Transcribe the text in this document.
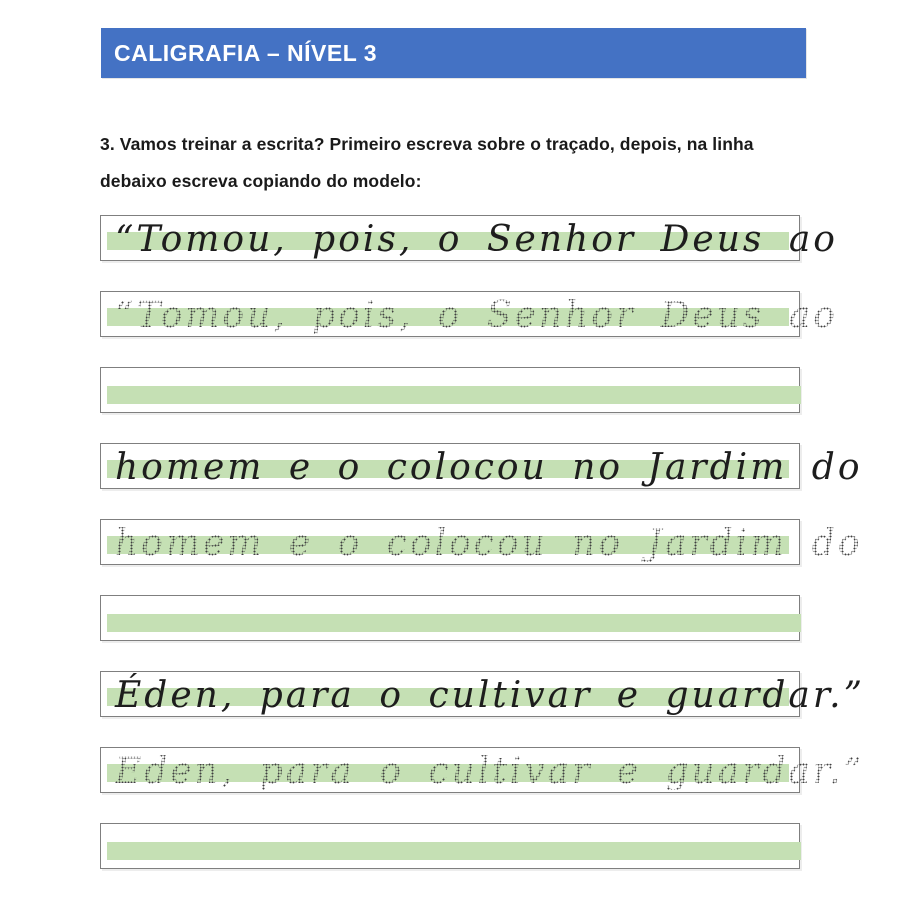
CALIGRAFIA – NÍVEL 3

3. Vamos treinar a escrita? Primeiro escreva sobre o traçado, depois, na linha
debaixo escreva copiando do modelo:

“Tomou, pois, o Senhor Deus ao
“Tomou, pois, o Senhor Deus ao
homem e o colocou no Jardim do
homem e o colocou no Jardim do
Éden, para o cultivar e guardar.”
Éden, para o cultivar e guardar.”
